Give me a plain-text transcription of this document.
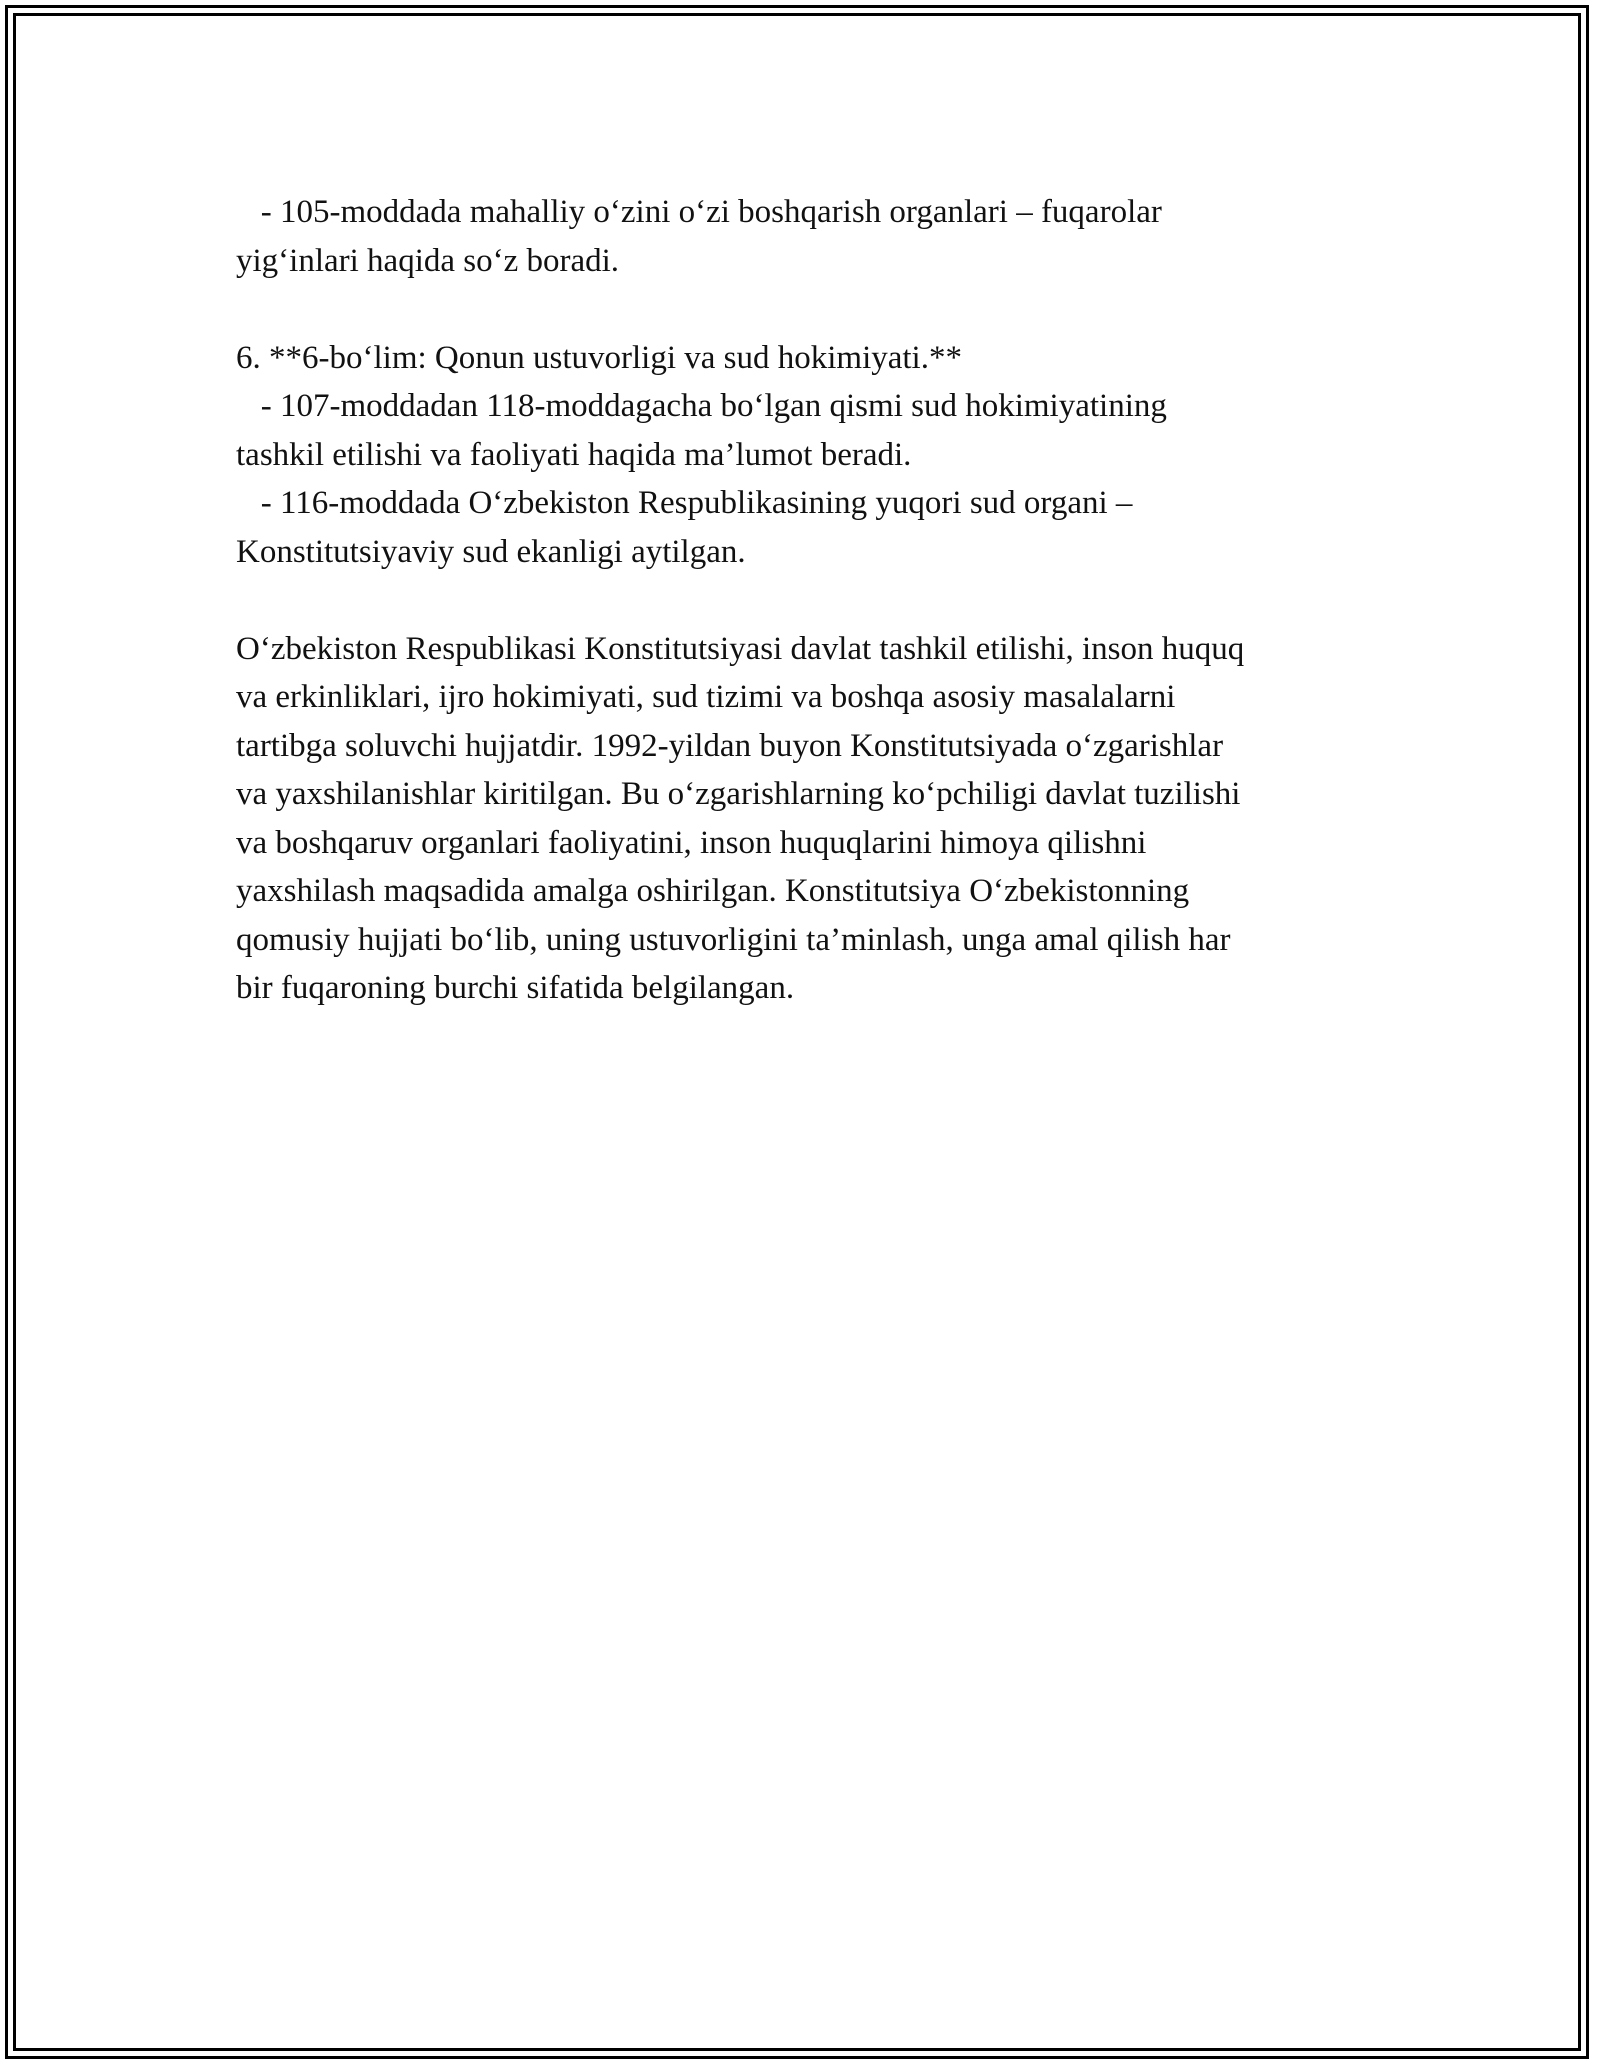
- 105-moddada mahalliy o‘zini o‘zi boshqarish organlari – fuqarolar
yig‘inlari haqida so‘z boradi.
6. **6-bo‘lim: Qonun ustuvorligi va sud hokimiyati.**
- 107-moddadan 118-moddagacha bo‘lgan qismi sud hokimiyatining
tashkil etilishi va faoliyati haqida ma’lumot beradi.
- 116-moddada O‘zbekiston Respublikasining yuqori sud organi –
Konstitutsiyaviy sud ekanligi aytilgan.
O‘zbekiston Respublikasi Konstitutsiyasi davlat tashkil etilishi, inson huquq
va erkinliklari, ijro hokimiyati, sud tizimi va boshqa asosiy masalalarni
tartibga soluvchi hujjatdir. 1992-yildan buyon Konstitutsiyada o‘zgarishlar
va yaxshilanishlar kiritilgan. Bu o‘zgarishlarning ko‘pchiligi davlat tuzilishi
va boshqaruv organlari faoliyatini, inson huquqlarini himoya qilishni
yaxshilash maqsadida amalga oshirilgan. Konstitutsiya O‘zbekistonning
qomusiy hujjati bo‘lib, uning ustuvorligini ta’minlash, unga amal qilish har
bir fuqaroning burchi sifatida belgilangan.
